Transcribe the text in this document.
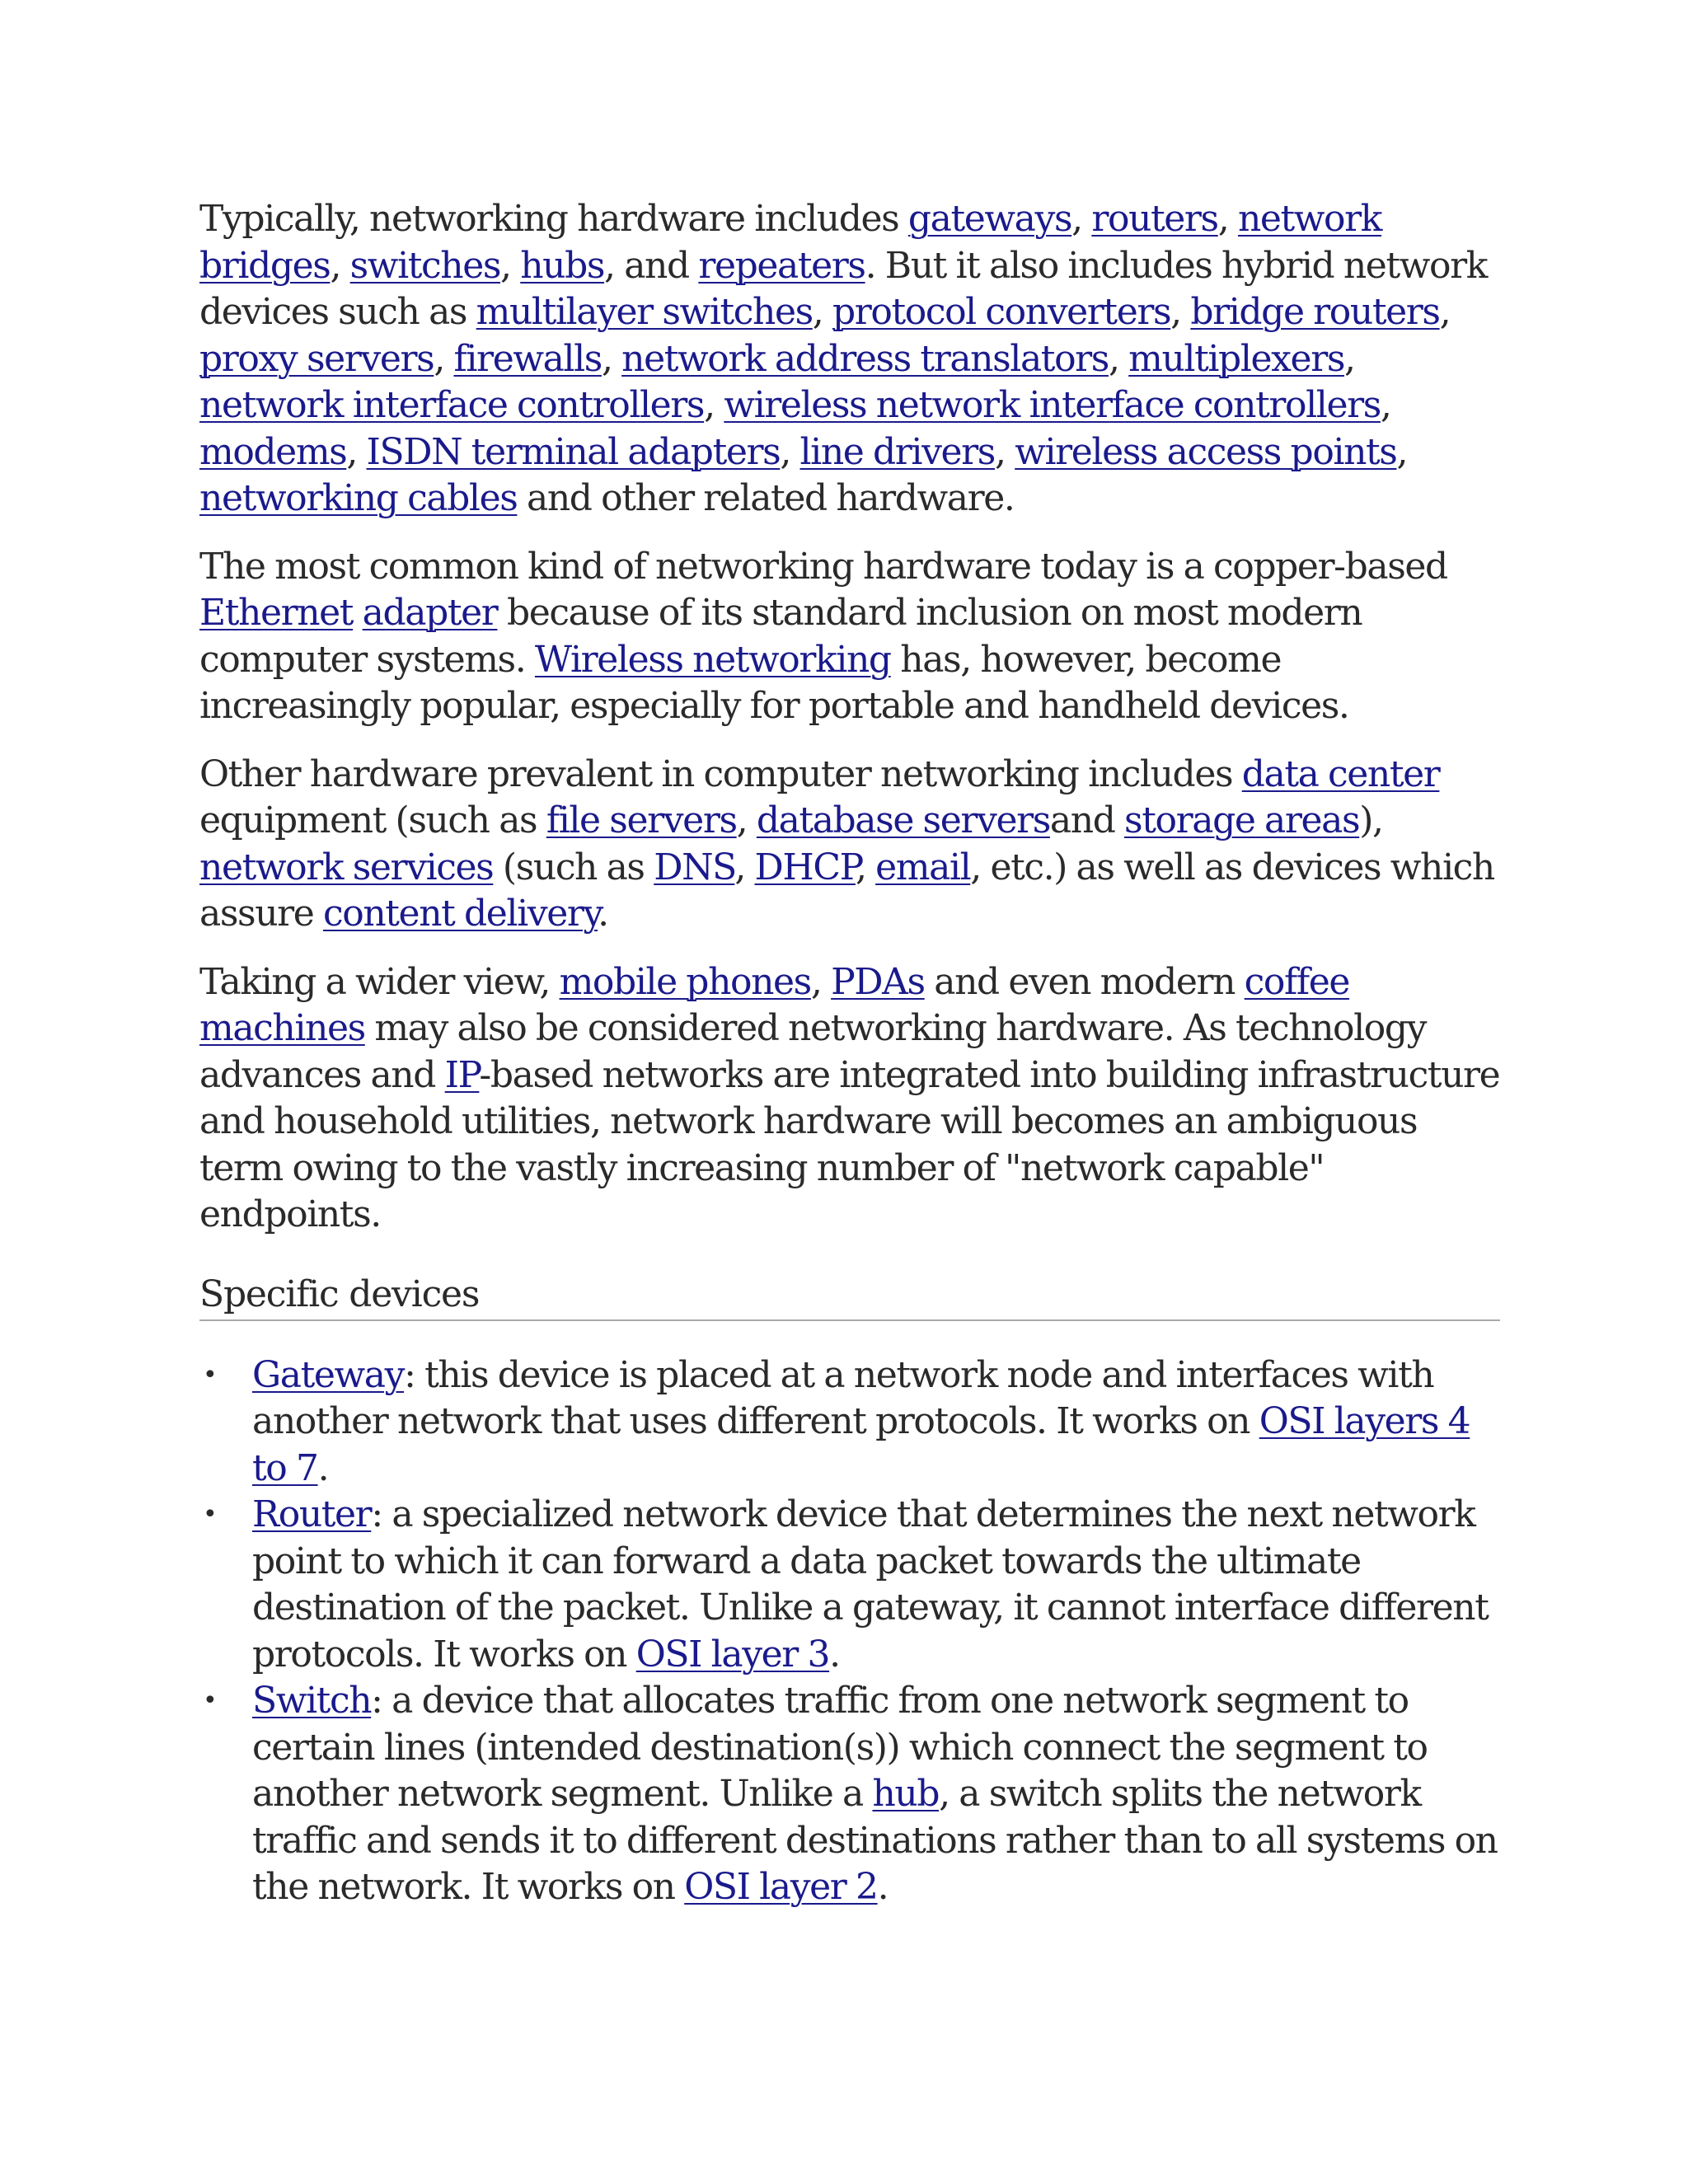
Typically, networking hardware includes gateways, routers, network bridges, switches, hubs, and repeaters. But it also includes hybrid network devices such as multilayer switches, protocol converters, bridge routers, proxy servers, firewalls, network address translators, multiplexers, network interface controllers, wireless network interface controllers, modems, ISDN terminal adapters, line drivers, wireless access points, networking cables and other related hardware.

The most common kind of networking hardware today is a copper-based Ethernet adapter because of its standard inclusion on most modern computer systems. Wireless networking has, however, become increasingly popular, especially for portable and handheld devices.

Other hardware prevalent in computer networking includes data center equipment (such as file servers, database serversand storage areas), network services (such as DNS, DHCP, email, etc.) as well as devices which assure content delivery.

Taking a wider view, mobile phones, PDAs and even modern coffee machines may also be considered networking hardware. As technology advances and IP-based networks are integrated into building infrastructure and household utilities, network hardware will becomes an ambiguous term owing to the vastly increasing number of "network capable" endpoints.

Specific devices
• Gateway: this device is placed at a network node and interfaces with another network that uses different protocols. It works on OSI layers 4 to 7.
• Router: a specialized network device that determines the next network point to which it can forward a data packet towards the ultimate destination of the packet. Unlike a gateway, it cannot interface different protocols. It works on OSI layer 3.
• Switch: a device that allocates traffic from one network segment to certain lines (intended destination(s)) which connect the segment to another network segment. Unlike a hub, a switch splits the network traffic and sends it to different destinations rather than to all systems on the network. It works on OSI layer 2.
